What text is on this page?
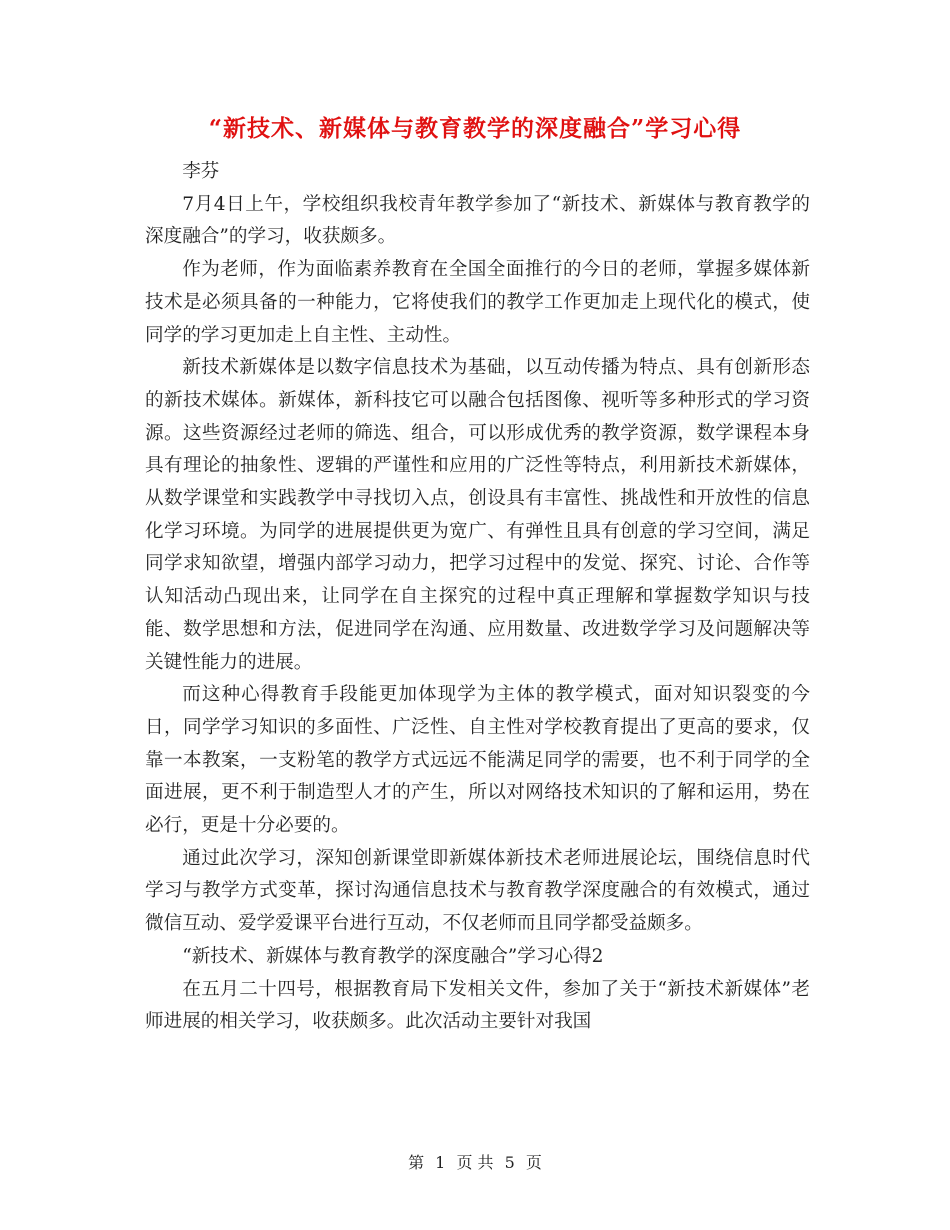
“新技术、新媒体与教育教学的深度融合”学习心得

李芬

7月4日上午，学校组织我校青年教学参加了“新技术、新媒体与教育教学的深度融合”的学习，收获颇多。

作为老师，作为面临素养教育在全国全面推行的今日的老师，掌握多媒体新技术是必须具备的一种能力，它将使我们的教学工作更加走上现代化的模式，使同学的学习更加走上自主性、主动性。

新技术新媒体是以数字信息技术为基础，以互动传播为特点、具有创新形态的新技术媒体。新媒体，新科技它可以融合包括图像、视听等多种形式的学习资源。这些资源经过老师的筛选、组合，可以形成优秀的教学资源，数学课程本身具有理论的抽象性、逻辑的严谨性和应用的广泛性等特点，利用新技术新媒体，从数学课堂和实践教学中寻找切入点，创设具有丰富性、挑战性和开放性的信息化学习环境。为同学的进展提供更为宽广、有弹性且具有创意的学习空间，满足同学求知欲望，增强内部学习动力，把学习过程中的发觉、探究、讨论、合作等认知活动凸现出来，让同学在自主探究的过程中真正理解和掌握数学知识与技能、数学思想和方法，促进同学在沟通、应用数量、改进数学学习及问题解决等关键性能力的进展。

而这种心得教育手段能更加体现学为主体的教学模式，面对知识裂变的今日，同学学习知识的多面性、广泛性、自主性对学校教育提出了更高的要求，仅靠一本教案，一支粉笔的教学方式远远不能满足同学的需要，也不利于同学的全面进展，更不利于制造型人才的产生，所以对网络技术知识的了解和运用，势在必行，更是十分必要的。

通过此次学习，深知创新课堂即新媒体新技术老师进展论坛，围绕信息时代学习与教学方式变革，探讨沟通信息技术与教育教学深度融合的有效模式，通过微信互动、爱学爱课平台进行互动，不仅老师而且同学都受益颇多。

“新技术、新媒体与教育教学的深度融合”学习心得2

在五月二十四号，根据教育局下发相关文件，参加了关于“新技术新媒体”老师进展的相关学习，收获颇多。此次活动主要针对我国

第 1 页 共 5 页
